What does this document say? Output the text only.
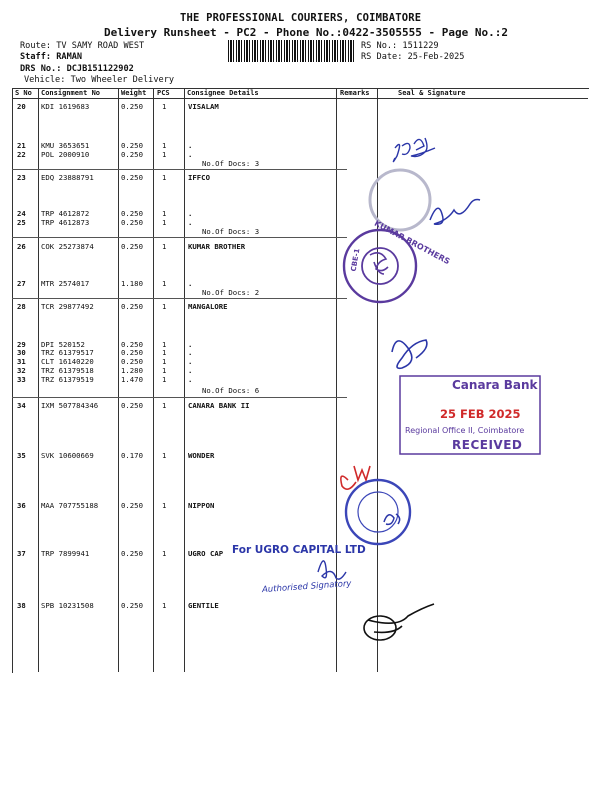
THE PROFESSIONAL COURIERS, COIMBATORE
Delivery Runsheet - PC2 - Phone No.:0422-3505555 - Page No.:2
Route: TV SAMY ROAD WEST
Staff: RAMAN
DRS No.: DCJB151122902
Vehicle: Two Wheeler Delivery
RS No.: 1511229
RS Date: 25-Feb-2025
S No Consignment No	Weight PCS Consignee Details	Remarks	Seal & Signature
20 KDI 1619683	0.250	1	VISALAM
21 KMU 3653651	0.250	1	.
22 POL 2000910	0.250	1	.
No.Of Docs: 3
23 EDQ 23888791	0.250	1	IFFCO
24 TRP 4612872	0.250	1	.
25 TRP 4612873	0.250	1	.
No.Of Docs: 3
26 COK 25273874	0.250	1	KUMAR BROTHER
27 MTR 2574017	1.180	1	.
No.Of Docs: 2
28 TCR 29877492	0.250	1	MANGALORE
29 DPI 520152	0.250	1	.
30 TRZ 61379517	0.250	1	.
31 CLT 16140220	0.250	1	.
32 TRZ 61379518	1.280	1	.
33 TRZ 61379519	1.470	1	.
No.Of Docs: 6
34 IXM 507784346	0.250	1	CANARA BANK II
35 SVK 10600669	0.170	1	WONDER
36 MAA 707755188	0.250	1	NIPPON
37 TRP 7899941	0.250	1	UGRO CAP
38 SPB 10231508	0.250	1	GENTILE
KUMAR BROTHERS
CBE-1
Canara Bank
25 FEB 2025
Regional Office II, Coimbatore
RECEIVED
For UGRO CAPITAL LTD
Authorised Signatory
